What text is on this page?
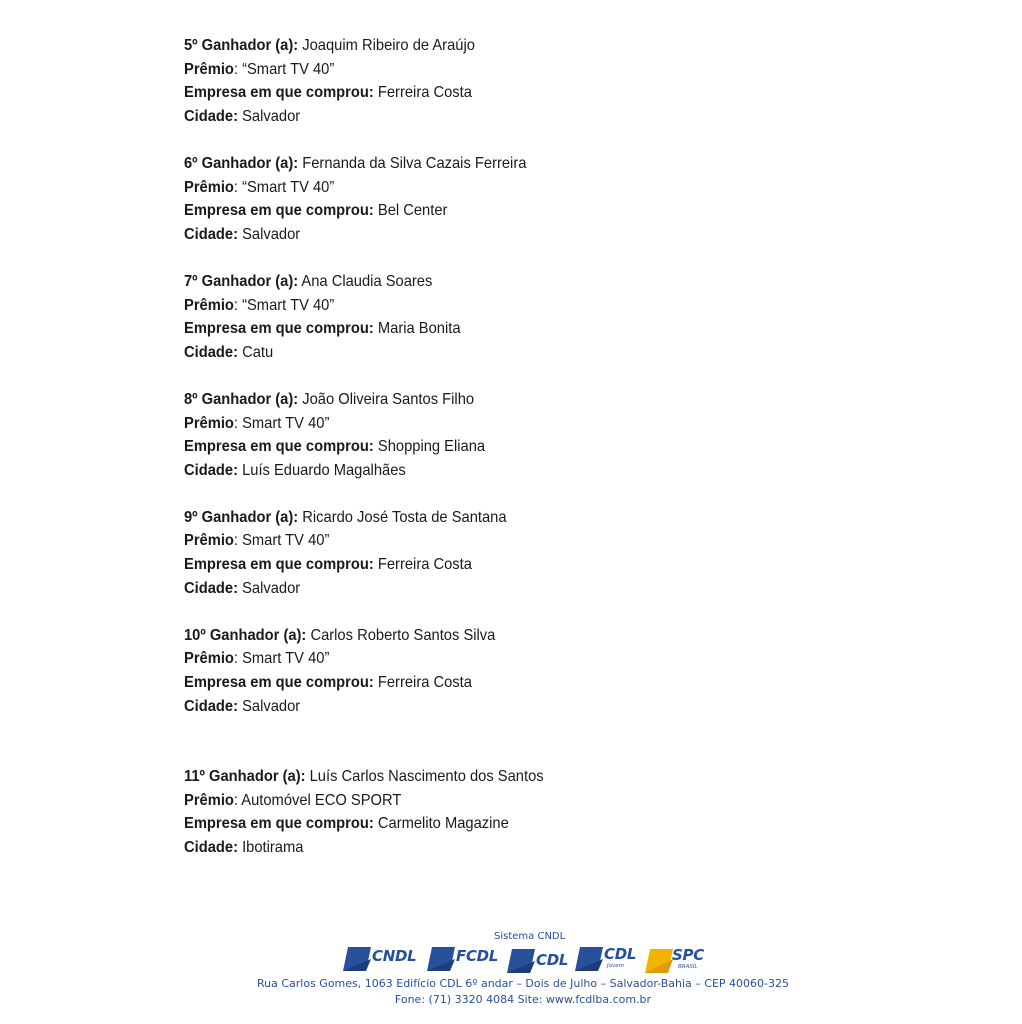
5º Ganhador (a): Joaquim Ribeiro de Araújo
Prêmio: “Smart TV 40”
Empresa em que comprou: Ferreira Costa
Cidade: Salvador
6º Ganhador (a): Fernanda da Silva Cazais Ferreira
Prêmio: “Smart TV 40”
Empresa em que comprou: Bel Center
Cidade: Salvador
7º Ganhador (a): Ana Claudia Soares
Prêmio: “Smart TV 40”
Empresa em que comprou: Maria Bonita
Cidade: Catu
8º Ganhador (a): João Oliveira Santos Filho
Prêmio: Smart TV 40”
Empresa em que comprou: Shopping Eliana
Cidade: Luís Eduardo Magalhães
9º Ganhador (a): Ricardo José Tosta de Santana
Prêmio: Smart TV 40”
Empresa em que comprou: Ferreira Costa
Cidade: Salvador
10º Ganhador (a): Carlos Roberto Santos Silva
Prêmio: Smart TV 40”
Empresa em que comprou: Ferreira Costa
Cidade: Salvador
11º Ganhador (a): Luís Carlos Nascimento dos Santos
Prêmio: Automóvel ECO SPORT
Empresa em que comprou: Carmelito Magazine
Cidade: Ibotirama
Sistema CNDL
CNDL	FCDL	CDL CDL
Jovem
SPC
BRASIL
Rua Carlos Gomes, 1063 Edifício CDL 6º andar – Dois de Julho – Salvador-Bahia – CEP 40060-325
Fone: (71) 3320 4084 Site: www.fcdlba.com.br
